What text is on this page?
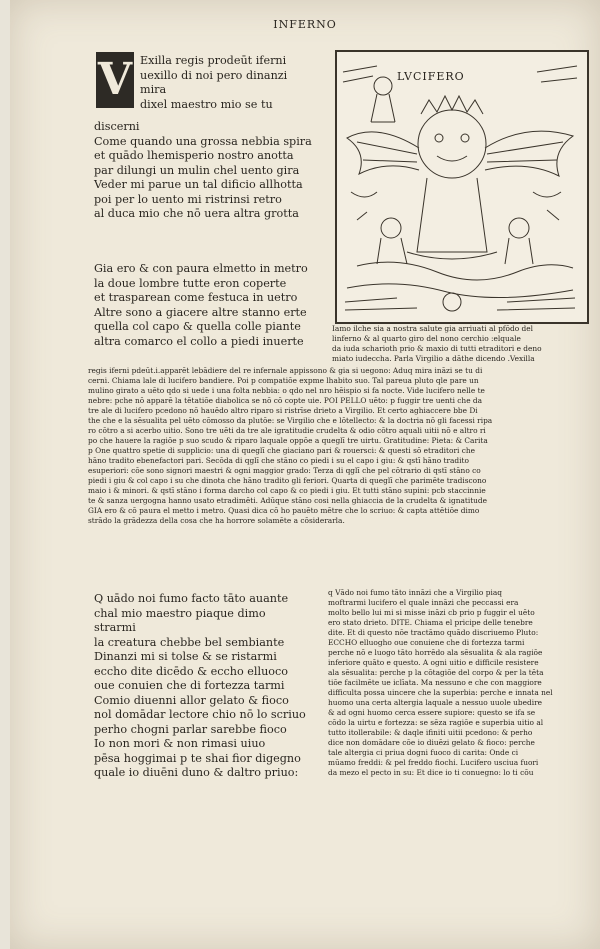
INFERNO
V	LVCIFERO
Exilla regis prodeūt iferni
uexillo di noi pero dinanzi
mira
dixel maestro mio se tu
discerni
Come quando una grossa nebbia spira
et quādo lhemisperio nostro anotta
par dilungi un mulin chel uento gira
Veder mi parue un tal dificio allhotta
poi per lo uento mi ristrinsi retro
al duca mio che nō uera altra grotta
Gia ero & con paura elmetto in metro
la doue lombre tutte eron coperte
et trasparean come festuca in uetro
Altre sono a giacere altre stanno erte
quella col capo & quella colle piante
altra comarco el collo a piedi inuerte
Iamo ilche sia a nostra salute gia arriuati al pfōdo del
linferno & al quarto giro del nono cerchio :elquale
da iuda scharioth prio & maxio di tutti etraditori e deno
miato iudeccha. Parla Virgilio a dāthe dicendo .Vexilla
regis iferni pdeūt.i.apparēt lebādiere del re infernale appissono & gia si uegono: Aduq mira ināzi se tu di
cerni. Chiama lale di lucifero bandiere. Poi p compatiōe expme lhabito suo. Tal pareua pluto qle pare un
mulino girato a uēto qdo si uede i una folta nebbia: o qdo nel nro hēispio si fa nocte. Vide lucifero nelle te
nebre: pche nō apparē la tētatiōe diabolica se nō cō copte uie. POI PELLO uēto: p fuggir tre uenti che da
tre ale di lucifero pcedono nō hauēdo altro riparo si ristrīse drieto a Virgilio. Et certo aghiaccere bbe Di
the che e la sēsualita pel uēto cōmosso da plutōe: se Virgilio che e lōtellecto: & la doctria nō gli facessi ripa
ro cōtro a si acerbo uitio. Sono tre uēti da tre ale igratitudie crudelta & odio cōtro aquali uitii nō e altro ri
po che hauere la ragiōe p suo scudo & riparo laquale oppōe a queglī tre uirtu. Gratitudine: Pieta: & Carita
p One quattro spetie di supplicio: una di queglī che giaciano pari & rouersci: & questi sō etraditori che
hāno tradito ebenefactori pari. Secōda di qglī che stāno co piedi i su el capo i giu: & qstī hāno tradito
esuperiori: cōe sono signori maestri & ogni maggior grado: Terza di qglī che pel cōtrario di qstī stāno co
piedi i giu & col capo i su che dinota che hāno tradito gli feriori. Quarta di queglī che parimēte tradiscono
maio i & minori. & qstī stāno i forma darcho col capo & co piedi i giu. Et tutti stāno supini: pcb staccinnie
te & sanza uergogna hanno usato etradimēti. Adūque stāno cosi nella ghiaccia de la crudelta & ignatitude
GIA ero & cō paura el metto i metro. Quasi dica cō ho pauēto mētre che lo scriuo: & capta attētiōe dimo
strādo la grādezza della cosa che ha horrore solamēte a cōsiderarla.
Q uādo noi fumo facto tāto auante
chal mio maestro piaque dimo
strarmi
la creatura chebbe bel sembiante
Dinanzi mi si tolse & se ristarmi
eccho dite dicēdo & eccho elluoco
oue conuien che di fortezza tarmi
Comio diuenni allor gelato & fioco
nol domādar lectore chio nō lo scriuo
perho chogni parlar sarebbe fioco
Io non mori & non rimasi uiuo
pēsa hoggimai p te shai fior digegno
quale io diuēni duno & daltro priuo:
q Vādo noi fumo tāto innāzi che a Virgilio piaq
moftrarmi lucifero el quale innāzi che peccassi era
molto bello lui mi si misse ināzi cb prio p fuggir el uēto
ero stato drieto. DITE. Chiama el pricipe delle tenebre
dite. Et di questo nōe tractāmo quādo discriuemo Pluto:
ECCHO elluogho oue conuiene che di fortezza tarmi
perche nō e luogo tāto horrēdo ala sēsualita & ala ragiōe
inferiore quāto e questo. A ogni uitio e difficile resistere
ala sēsualita: perche p la cōtagiōe del corpo & per la tēta
tiōe facilmēte ue iclīata. Ma nessuno e che con maggiore
difficulta possa uincere che la superbia: perche e innata nel
huomo una certa altergia laquale a nessuo uuole ubedire
& ad ogni huomo cerca essere supiore: questo se ifa se
cōdo la uirtu e fortezza: se sēza ragiōe e superbia uitio al
tutto itollerabile: & daqle ifiniti uitii pcedono: & perho
dice non domādare cōe io diuēzi gelato & fioco: perche
tale altergia ci priua dogni fuoco di carita: Onde ci
mūamo freddi: & pel freddo fiochi. Lucifero usciua fuori
da mezo el pecto in su: Et dice io ti conuegno: lo ti cōu
